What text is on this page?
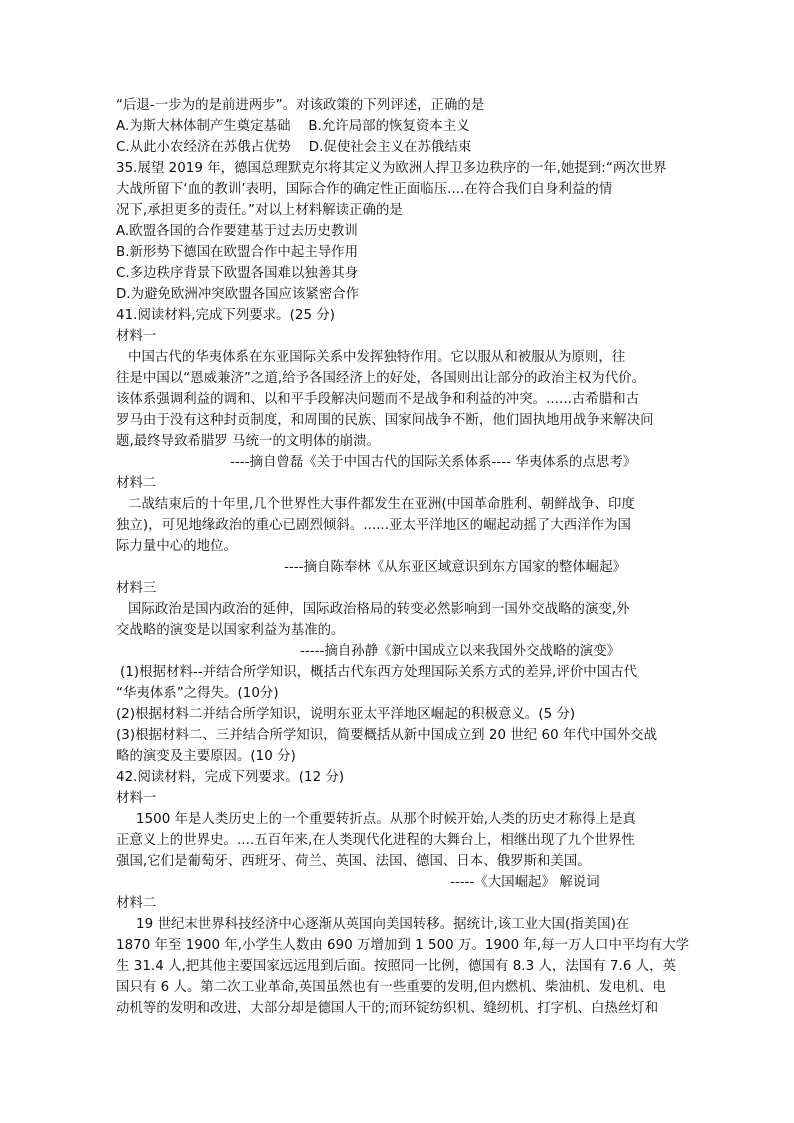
“后退-一步为的是前进两步”。对该政策的下列评述，正确的是
A.为斯大林体制产生奠定基础　 B.允许局部的恢复资本主义
C.从此小农经济在苏俄占优势　 D.促使社会主义在苏俄结束
35.展望 2019 年，德国总理默克尔将其定义为欧洲人捍卫多边秩序的一年,她提到:“两次世界
大战所留下‘血的教训’表明，国际合作的确定性正面临压....在符合我们自身利益的情
况下,承担更多的责任。”对以上材料解读正确的是
A.欧盟各国的合作要建基于过去历史教训
B.新形势下德国在欧盟合作中起主导作用
C.多边秩序背景下欧盟各国难以独善其身
D.为避免欧洲冲突欧盟各国应该紧密合作
41.阅读材料,完成下列要求。(25 分)
材料一
中国古代的华夷体系在东亚国际关系中发挥独特作用。它以服从和被服从为原则，往
往是中国以“恩威兼济”之道,给予各国经济上的好处，各国则出让部分的政治主权为代价。
该体系强调利益的调和、以和平手段解决问题而不是战争和利益的冲突。......古希腊和古
罗马由于没有这种封贡制度，和周围的民族、国家间战争不断，他们固执地用战争来解决问
题,最终导致希腊罗 马统一的文明体的崩溃。
----摘自曾磊《关于中国古代的国际关系体系---- 华夷体系的点思考》
材料二
二战结束后的十年里,几个世界性大事件都发生在亚洲(中国革命胜利、朝鲜战争、印度
独立)，可见地缘政治的重心已剧烈倾斜。......亚太平洋地区的崛起动摇了大西洋作为国
际力量中心的地位。
----摘自陈奉林《从东亚区域意识到东方国家的整体崛起》
材料三
国际政治是国内政治的延伸，国际政治格局的转变必然影响到一国外交战略的演变,外
交战略的演变是以国家利益为基准的。
-----摘自孙静《新中国成立以来我国外交战略的演变》
(1)根据材料--并结合所学知识，概括古代东西方处理国际关系方式的差异,评价中国古代
“华夷体系”之得失。(10分)
(2)根据材料二并结合所学知识，说明东亚太平洋地区崛起的积极意义。(5 分)
(3)根据材料二、三并结合所学知识，简要概括从新中国成立到 20 世纪 60 年代中国外交战
略的演变及主要原因。(10 分)
42.阅读材料，完成下列要求。(12 分)
材料一
1500 年是人类历史上的一个重要转折点。从那个时候开始,人类的历史才称得上是真
正意义上的世界史。....五百年来,在人类现代化进程的大舞台上，相继出现了九个世界性
强国,它们是葡萄牙、西班牙、荷兰、英国、法国、德国、日本、俄罗斯和美国。
-----《大国崛起》 解说词
材料二
19 世纪末世界科技经济中心逐渐从英国向美国转移。据统计,该工业大国(指美国)在
1870 年至 1900 年,小学生人数由 690 万增加到 1 500 万。1900 年,每一万人口中平均有大学
生 31.4 人,把其他主要国家远远甩到后面。按照同一比例，德国有 8.3 人，法国有 7.6 人，英
国只有 6 人。第二次工业革命,英国虽然也有一些重要的发明,但内燃机、柴油机、发电机、电
动机等的发明和改进，大部分却是德国人干的;而环锭纺织机、缝纫机、打字机、白热丝灯和
